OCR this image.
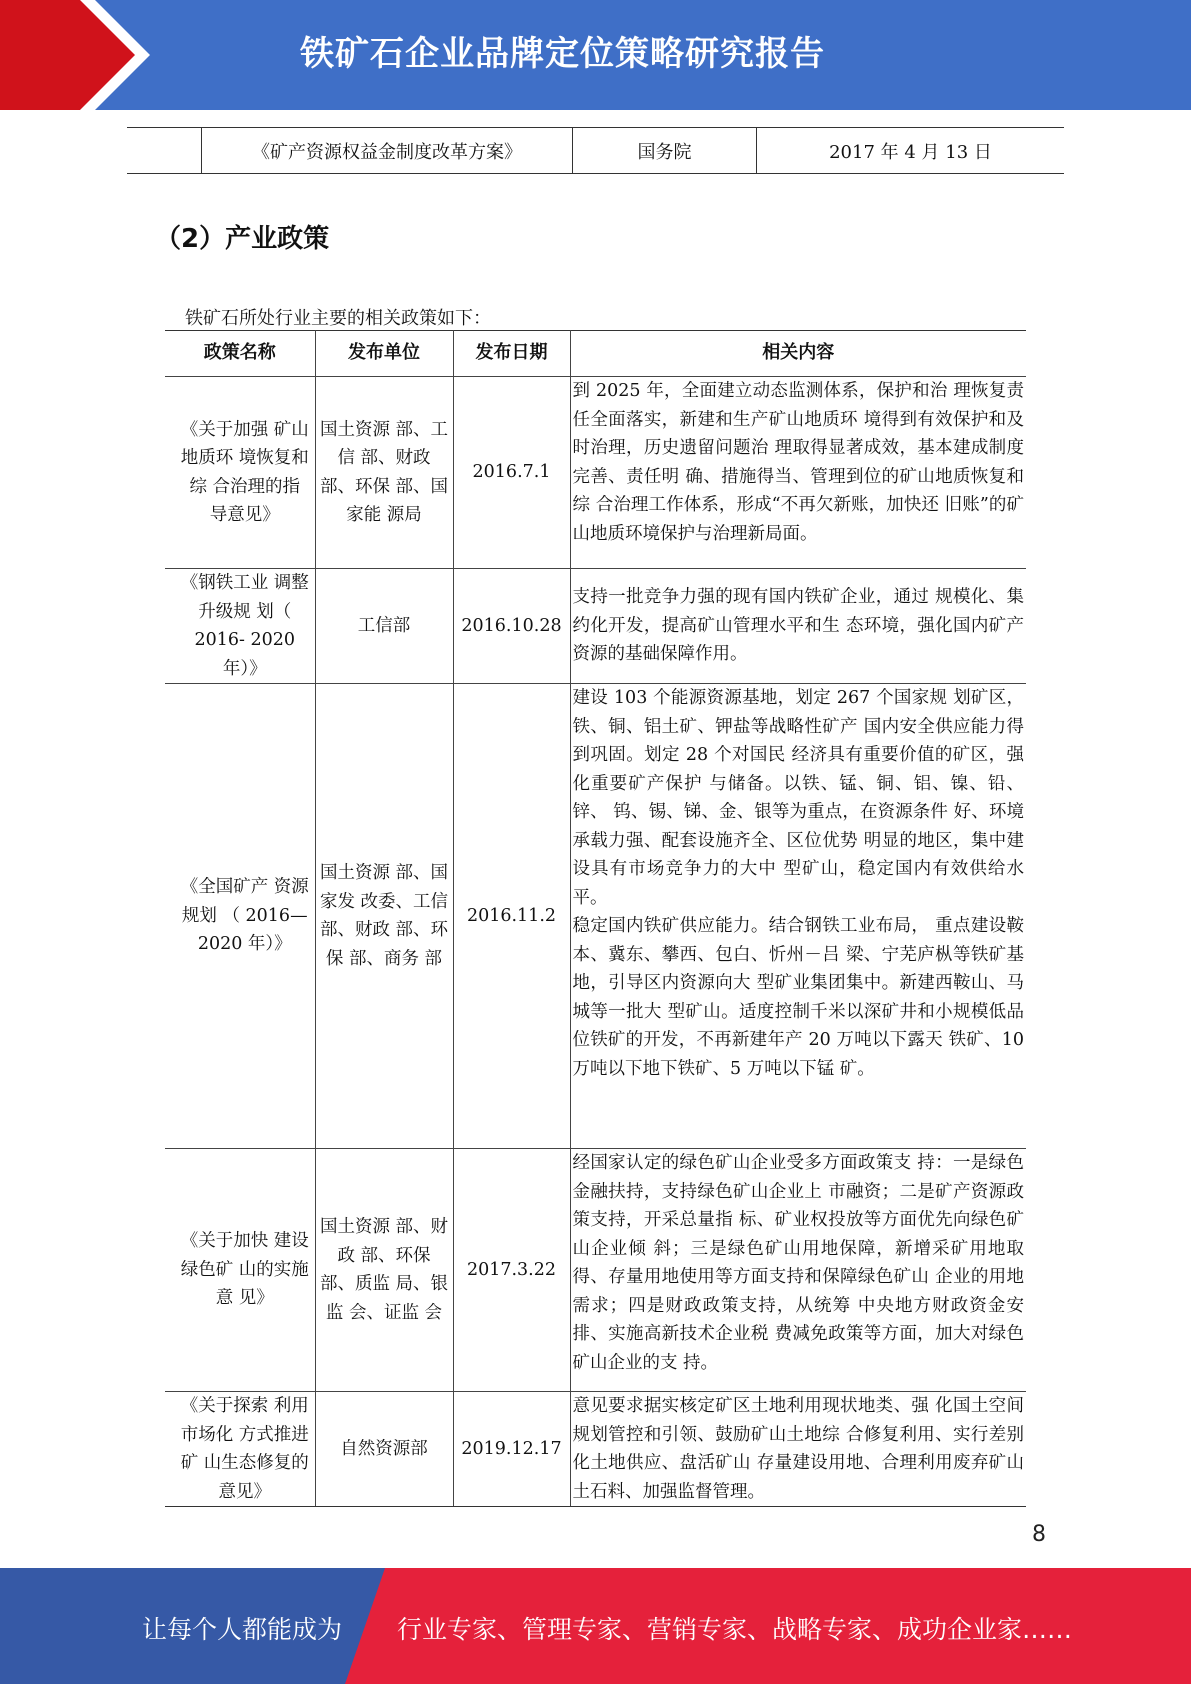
铁矿石企业品牌定位策略研究报告
	《矿产资源权益金制度改革方案》	国务院	2017 年 4 月 13 日
（2）产业政策
铁矿石所处行业主要的相关政策如下：
政策名称	发布单位	发布日期	相关内容
《关于加强 矿山地质环 境恢复和综 合治理的指 导意见》	国土资源 部、工信 部、财政 部、环保 部、国家能 源局	2016.7.1	到 2025 年，全面建立动态监测体系，保护和治 理恢复责任全面落实，新建和生产矿山地质环 境得到有效保护和及时治理，历史遗留问题治 理取得显著成效，基本建成制度完善、责任明 确、措施得当、管理到位的矿山地质恢复和综 合治理工作体系，形成“不再欠新账，加快还 旧账”的矿山地质环境保护与治理新局面。
《钢铁工业 调整升级规 划（ 2016- 2020 年）》	工信部	2016.10.28	支持一批竞争力强的现有国内铁矿企业，通过 规模化、集约化开发，提高矿山管理水平和生 态环境，强化国内矿产资源的基础保障作用。
《全国矿产 资源规划 （ 2016— 2020 年）》	国土资源 部、国家发 改委、工信 部、财政 部、环保 部、商务 部	2016.11.2	建设 103 个能源资源基地，划定 267 个国家规 划矿区，铁、铜、铝土矿、钾盐等战略性矿产 国内安全供应能力得到巩固。划定 28 个对国民 经济具有重要价值的矿区，强化重要矿产保护 与储备。以铁、锰、铜、铝、镍、铅、锌、 钨、锡、锑、金、银等为重点，在资源条件 好、环境承载力强、配套设施齐全、区位优势 明显的地区，集中建设具有市场竞争力的大中 型矿山，稳定国内有效供给水平。
稳定国内铁矿供应能力。结合钢铁工业布局， 重点建设鞍本、冀东、攀西、包白、忻州－吕 梁、宁芜庐枞等铁矿基地，引导区内资源向大 型矿业集团集中。新建西鞍山、马城等一批大 型矿山。适度控制千米以深矿井和小规模低品 位铁矿的开发，不再新建年产 20 万吨以下露天 铁矿、10 万吨以下地下铁矿、5 万吨以下锰 矿。

《关于加快 建设绿色矿 山的实施意 见》	国土资源 部、财政 部、环保 部、质监 局、银监 会、证监 会	2017.3.22	经国家认定的绿色矿山企业受多方面政策支 持：一是绿色金融扶持，支持绿色矿山企业上 市融资；二是矿产资源政策支持，开采总量指 标、矿业权投放等方面优先向绿色矿山企业倾 斜；三是绿色矿山用地保障，新增采矿用地取 得、存量用地使用等方面支持和保障绿色矿山 企业的用地需求；四是财政政策支持，从统筹 中央地方财政资金安排、实施高新技术企业税 费减免政策等方面，加大对绿色矿山企业的支 持。
《关于探索 利用市场化 方式推进矿 山生态修复的意见》	自然资源部	2019.12.17	意见要求据实核定矿区土地利用现状地类、强 化国土空间规划管控和引领、鼓励矿山土地综 合修复利用、实行差别化土地供应、盘活矿山 存量建设用地、合理利用废弃矿山土石料、加强监督管理。
8
让每个人都能成为 行业专家、管理专家、营销专家、战略专家、成功企业家……
